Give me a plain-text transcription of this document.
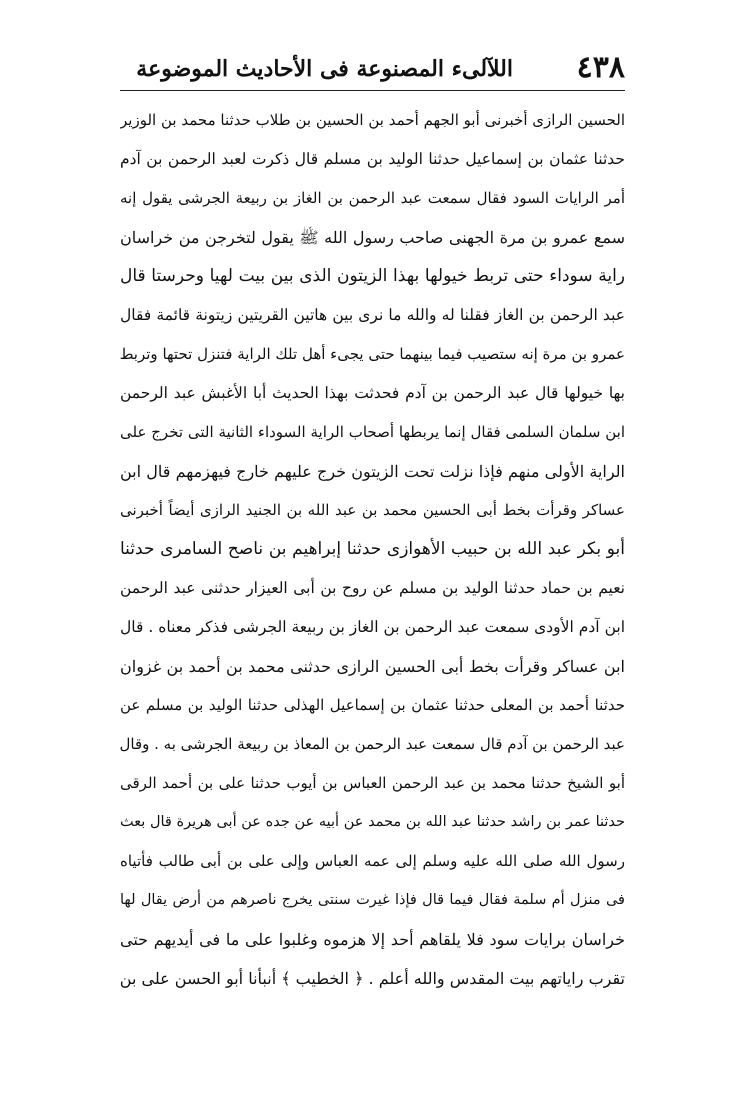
٤٣٨
اللآلىء المصنوعة فى الأحاديث الموضوعة
الحسين الرازى أخبرنى أبو الجهم أحمد بن الحسين بن طلاب حدثنا محمد بن الوزير
حدثنا عثمان بن إسماعيل حدثنا الوليد بن مسلم قال ذكرت لعبد الرحمن بن آدم
أمر الرايات السود فقال سمعت عبد الرحمن بن الغاز بن ربيعة الجرشى يقول إنه
سمع عمرو بن مرة الجهنى صاحب رسول الله ﷺ يقول لتخرجن من خراسان
راية سوداء حتى تربط خيولها بهذا الزيتون الذى بين بيت لهيا وحرستا قال
عبد الرحمن بن الغاز فقلنا له والله ما نرى بين هاتين القريتين زيتونة قائمة فقال
عمرو بن مرة إنه ستصيب فيما بينهما حتى يجىء أهل تلك الراية فتنزل تحتها وتربط
بها خيولها قال عبد الرحمن بن آدم فحدثت بهذا الحديث أبا الأغبش عبد الرحمن
ابن سلمان السلمى فقال إنما يربطها أصحاب الراية السوداء الثانية التى تخرج على
الراية الأولى منهم فإذا نزلت تحت الزيتون خرج عليهم خارج فيهزمهم قال ابن
عساكر وقرأت بخط أبى الحسين محمد بن عبد الله بن الجنيد الرازى أيضاً أخبرنى
أبو بكر عبد الله بن حبيب الأهوازى حدثنا إبراهيم بن ناصح السامرى حدثنا
نعيم بن حماد حدثنا الوليد بن مسلم عن روح بن أبى العيزار حدثنى عبد الرحمن
ابن آدم الأودى سمعت عبد الرحمن بن الغاز بن ربيعة الجرشى فذكر معناه . قال
ابن عساكر وقرأت بخط أبى الحسين الرازى حدثنى محمد بن أحمد بن غزوان
حدثنا أحمد بن المعلى حدثنا عثمان بن إسماعيل الهذلى حدثنا الوليد بن مسلم عن
عبد الرحمن بن آدم قال سمعت عبد الرحمن بن المعاذ بن ربيعة الجرشى به . وقال
أبو الشيخ حدثنا محمد بن عبد الرحمن العباس بن أيوب حدثنا على بن أحمد الرقى
حدثنا عمر بن راشد حدثنا عبد الله بن محمد عن أبيه عن جده عن أبى هريرة قال بعث
رسول الله صلى الله عليه وسلم إلى عمه العباس وإلى على بن أبى طالب فأتياه
فى منزل أم سلمة فقال فيما قال فإذا غيرت سنتى يخرج ناصرهم من أرض يقال لها
خراسان برايات سود فلا يلقاهم أحد إلا هزموه وغلبوا على ما فى أيديهم حتى
تقرب راياتهم بيت المقدس والله أعلم . ﴿ الخطيب ﴾ أنبأنا أبو الحسن على بن
